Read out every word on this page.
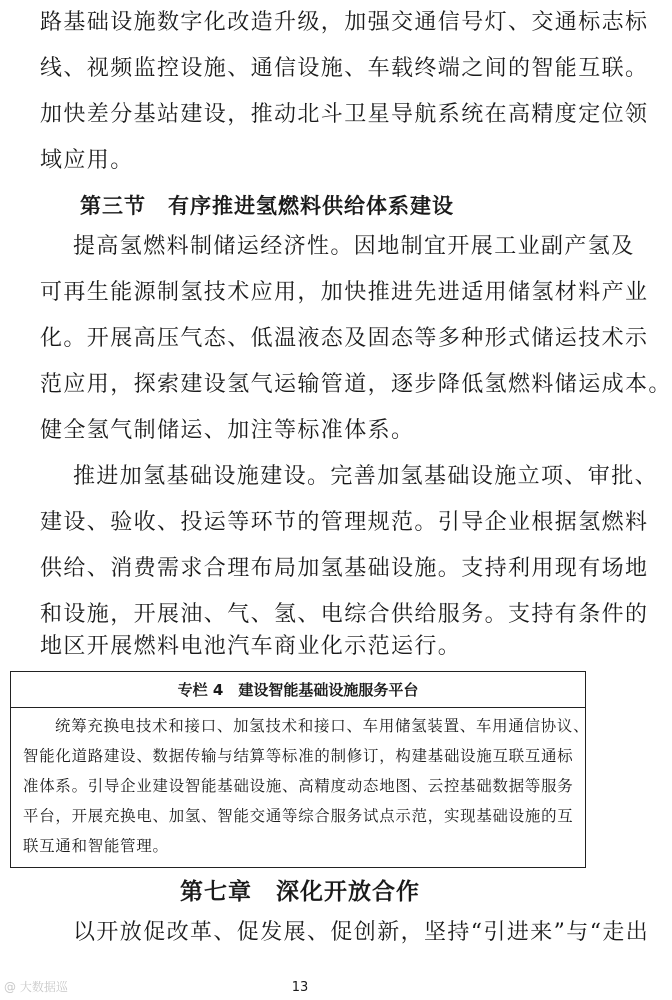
路基础设施数字化改造升级，加强交通信号灯、交通标志标
线、视频监控设施、通信设施、车载终端之间的智能互联。
加快差分基站建设，推动北斗卫星导航系统在高精度定位领
域应用。
第三节　有序推进氢燃料供给体系建设
提高氢燃料制储运经济性。因地制宜开展工业副产氢及
可再生能源制氢技术应用，加快推进先进适用储氢材料产业
化。开展高压气态、低温液态及固态等多种形式储运技术示
范应用，探索建设氢气运输管道，逐步降低氢燃料储运成本。
健全氢气制储运、加注等标准体系。
推进加氢基础设施建设。完善加氢基础设施立项、审批、
建设、验收、投运等环节的管理规范。引导企业根据氢燃料
供给、消费需求合理布局加氢基础设施。支持利用现有场地
和设施，开展油、气、氢、电综合供给服务。支持有条件的
地区开展燃料电池汽车商业化示范运行。
专栏 4　建设智能基础设施服务平台
统筹充换电技术和接口、加氢技术和接口、车用储氢装置、车用通信协议、
智能化道路建设、数据传输与结算等标准的制修订，构建基础设施互联互通标
准体系。引导企业建设智能基础设施、高精度动态地图、云控基础数据等服务
平台，开展充换电、加氢、智能交通等综合服务试点示范，实现基础设施的互
联互通和智能管理。
第七章　深化开放合作
以开放促改革、促发展、促创新，坚持“引进来”与“走出
@ 大数据巡	13
